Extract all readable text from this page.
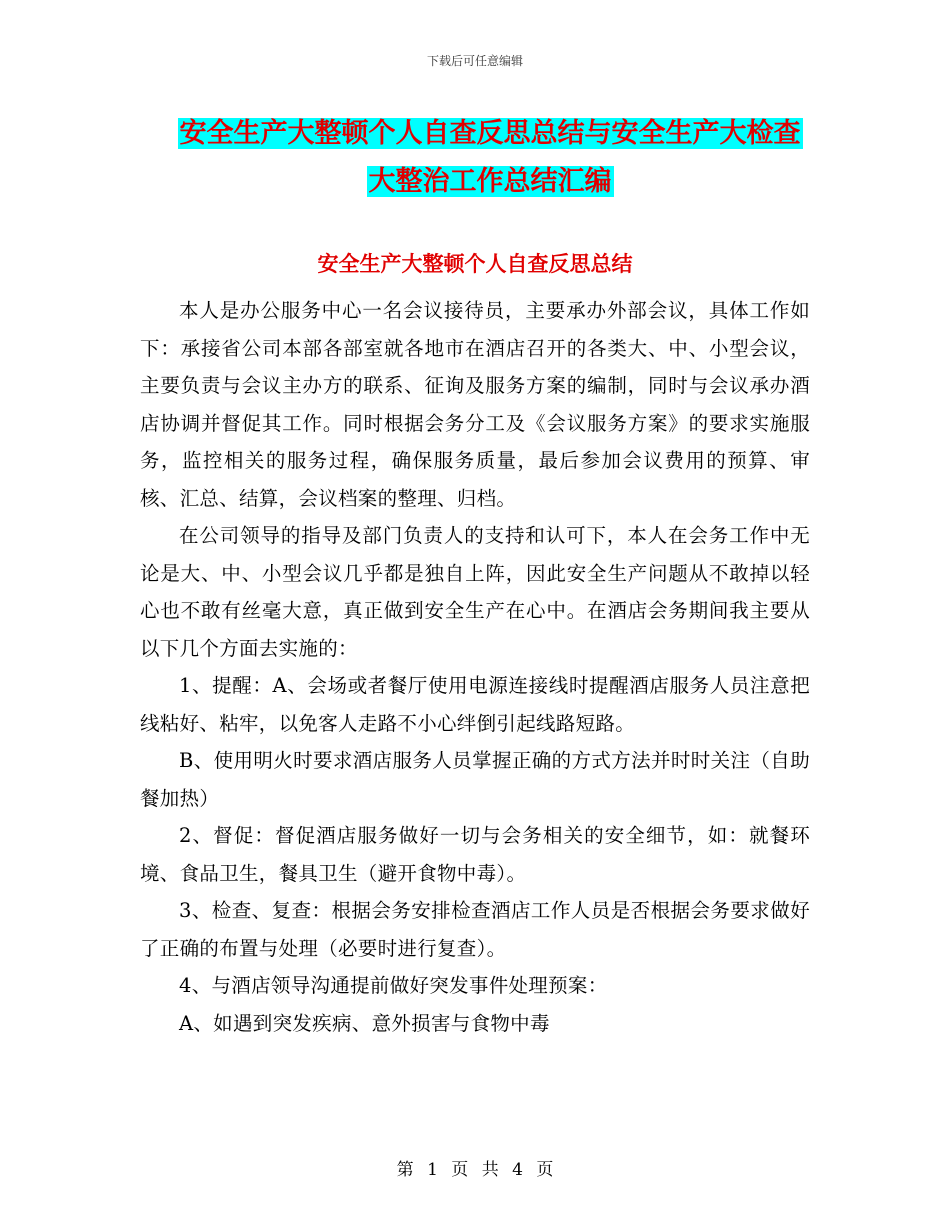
下载后可任意编辑
安全生产大整顿个人自查反思总结与安全生产大检查
大整治工作总结汇编
安全生产大整顿个人自查反思总结

本人是办公服务中心一名会议接待员，主要承办外部会议，具体工作如下：承接省公司本部各部室就各地市在酒店召开的各类大、中、小型会议，主要负责与会议主办方的联系、征询及服务方案的编制，同时与会议承办酒店协调并督促其工作。同时根据会务分工及《会议服务方案》的要求实施服务，监控相关的服务过程，确保服务质量，最后参加会议费用的预算、审核、汇总、结算，会议档案的整理、归档。

在公司领导的指导及部门负责人的支持和认可下，本人在会务工作中无论是大、中、小型会议几乎都是独自上阵，因此安全生产问题从不敢掉以轻心也不敢有丝毫大意，真正做到安全生产在心中。在酒店会务期间我主要从以下几个方面去实施的：

1、提醒：A、会场或者餐厅使用电源连接线时提醒酒店服务人员注意把线粘好、粘牢，以免客人走路不小心绊倒引起线路短路。

B、使用明火时要求酒店服务人员掌握正确的方式方法并时时关注（自助餐加热）

2、督促：督促酒店服务做好一切与会务相关的安全细节，如：就餐环境、食品卫生，餐具卫生（避开食物中毒）。

3、检查、复查：根据会务安排检查酒店工作人员是否根据会务要求做好了正确的布置与处理（必要时进行复查）。

4、与酒店领导沟通提前做好突发事件处理预案：

A、如遇到突发疾病、意外损害与食物中毒

第 1 页 共 4 页
